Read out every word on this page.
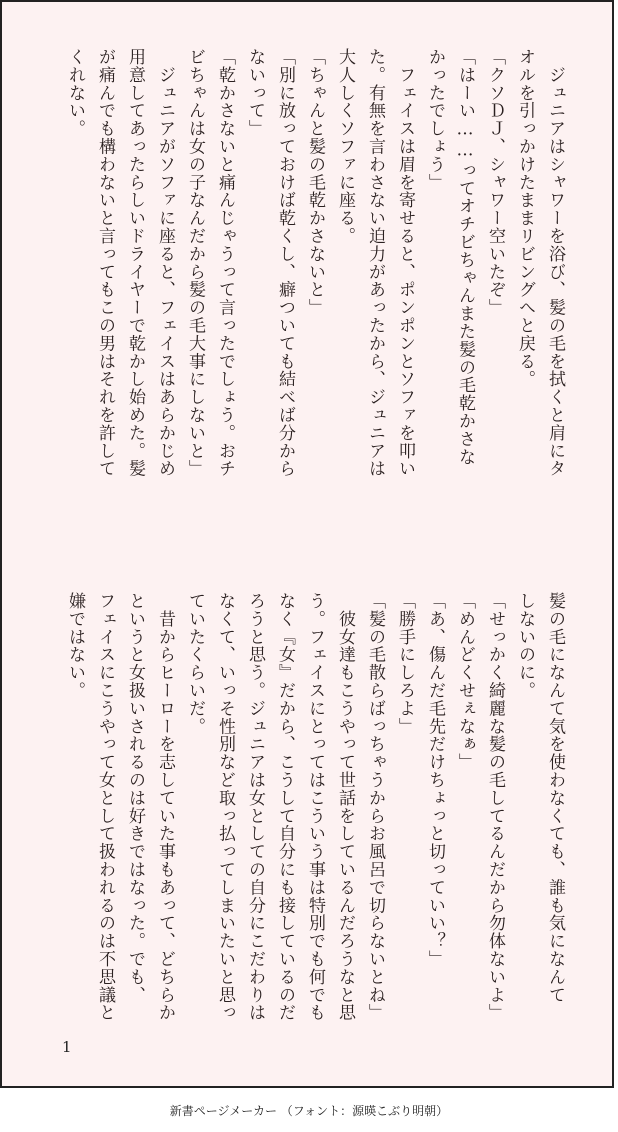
　ジュニアはシャワーを浴び、髪の毛を拭くと肩にタ

オルを引っかけたままリビングへと戻る。

「クソＤＪ、シャワー空いたぞ」

「はーい……ってオチビちゃんまた髪の毛乾かさな

かったでしょう」

　フェイスは眉を寄せると、ポンポンとソファを叩い

た。有無を言わさない迫力があったから、ジュニアは

大人しくソファに座る。

「ちゃんと髪の毛乾かさないと」

「別に放っておけば乾くし、癖ついても結べば分から

ないって」

「乾かさないと痛んじゃうって言ったでしょう。おチ

ビちゃんは女の子なんだから髪の毛大事にしないと」

　ジュニアがソファに座ると、フェイスはあらかじめ

用意してあったらしいドライヤーで乾かし始めた。髪

が痛んでも構わないと言ってもこの男はそれを許して

くれない。

髪の毛になんて気を使わなくても、誰も気になんて

しないのに。

「せっかく綺麗な髪の毛してるんだから勿体ないよ」

「めんどくせぇなぁ」

「あ、傷んだ毛先だけちょっと切っていい？」

「勝手にしろよ」

「髪の毛散らばっちゃうからお風呂で切らないとね」

　彼女達もこうやって世話をしているんだろうなと思

う。フェイスにとってはこういう事は特別でも何でも

なく『女』だから、こうして自分にも接しているのだ

ろうと思う。ジュニアは女としての自分にこだわりは

なくて、いっそ性別など取っ払ってしまいたいと思っ

ていたくらいだ。

　昔からヒーローを志していた事もあって、どちらか

というと女扱いされるのは好きではなった。でも、

フェイスにこうやって女として扱われるのは不思議と

嫌ではない。

1
新書ページメーカー （フォント：源暎こぶり明朝）
